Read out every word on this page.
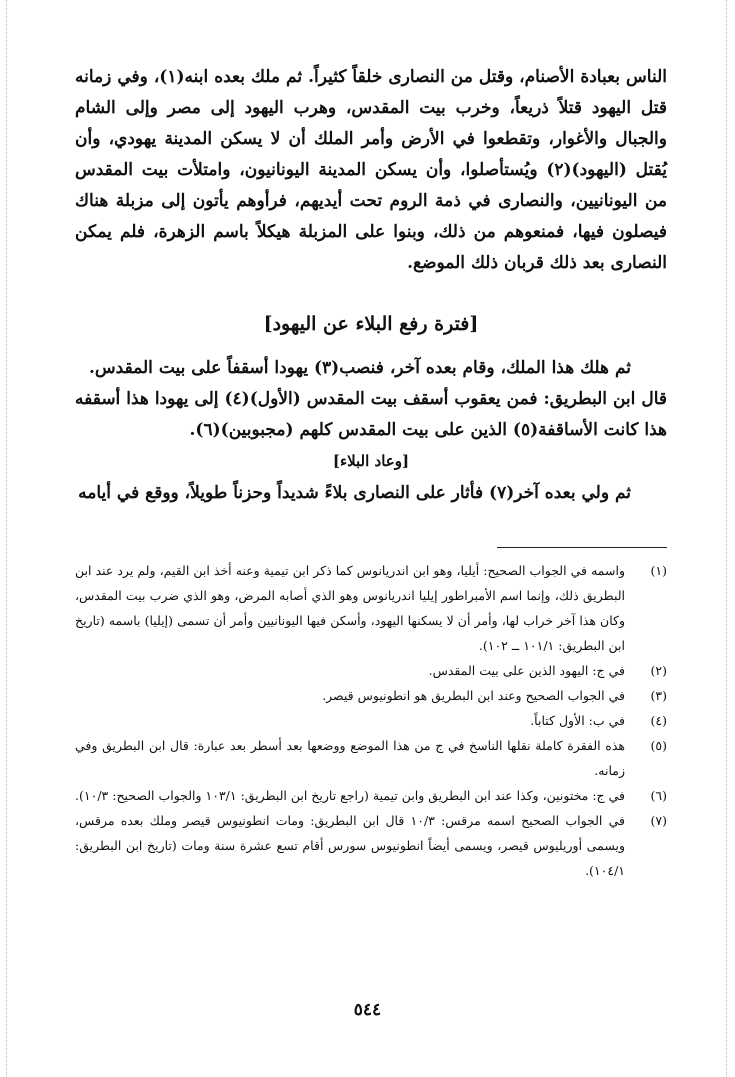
الناس بعبادة الأصنام، وقتل من النصارى خلقاً كثيراً. ثم ملك بعده ابنه(١)، وفي زمانه قتل اليهود قتلاً ذريعاً، وخرب بيت المقدس، وهرب اليهود إلى مصر وإلى الشام والجبال والأغوار، وتقطعوا في الأرض وأمر الملك أن لا يسكن المدينة يهودي، وأن يُقتل (اليهود)(٢) ويُستأصلوا، وأن يسكن المدينة اليونانيون، وامتلأت بيت المقدس من اليونانيين، والنصارى في ذمة الروم تحت أيديهم، فرأوهم يأتون إلى مزبلة هناك فيصلون فيها، فمنعوهم من ذلك، وبنوا على المزبلة هيكلاً باسم الزهرة، فلم يمكن النصارى بعد ذلك قربان ذلك الموضع.

[فترة رفع البلاء عن اليهود]

ثم هلك هذا الملك، وقام بعده آخر، فنصب(٣) يهودا أسقفاً على بيت المقدس.

قال ابن البطريق: فمن يعقوب أسقف بيت المقدس (الأول)(٤) إلى يهودا هذا أسقفه هذا كانت الأساقفة(٥) الذين على بيت المقدس كلهم (مجبوبين)(٦).

[وعاد البلاء]

ثم ولي بعده آخر(٧) فأثار على النصارى بلاءً شديداً وحزناً طويلاً، ووقع في أيامه

(١)
واسمه في الجواب الصحيح: أيليا، وهو ابن اندريانوس كما ذكر ابن تيمية وعنه أخذ ابن القيم، ولم يرد عند ابن البطريق ذلك، وإنما اسم الأمبراطور إيليا اندريانوس وهو الذي أصابه المرض، وهو الذي ضرب بيت المقدس، وكان هذا آخر خراب لها، وأمر أن لا يسكنها اليهود، وأسكن فيها اليونانيين وأمر أن تسمى (إيليا) باسمه (تاريخ ابن البطريق: ١٠١/١ ــ ١٠٢).
(٢)
في ج: اليهود الذين على بيت المقدس.
(٣)
في الجواب الصحيح وعند ابن البطريق هو انطونيوس قيصر.
(٤)
في ب: الأول كتاباً.
(٥)
هذه الفقرة كاملة نقلها الناسخ في ج من هذا الموضع ووضعها بعد أسطر بعد عبارة: قال ابن البطريق وفي زمانه.
(٦)
في ج: مختونين، وكذا عند ابن البطريق وابن تيمية (راجع تاريخ ابن البطريق: ١٠٣/١ والجواب الصحيح: ١٠/٣).
(٧)
في الجواب الصحيح اسمه مرقس: ١٠/٣ قال ابن البطريق: ومات انطونيوس قيصر وملك بعده مرقس، ويسمى أوريليوس قيصر، ويسمى أيضاً انطونيوس سورس أقام تسع عشرة سنة ومات (تاريخ ابن البطريق: ١٠٤/١).
٥٤٤
